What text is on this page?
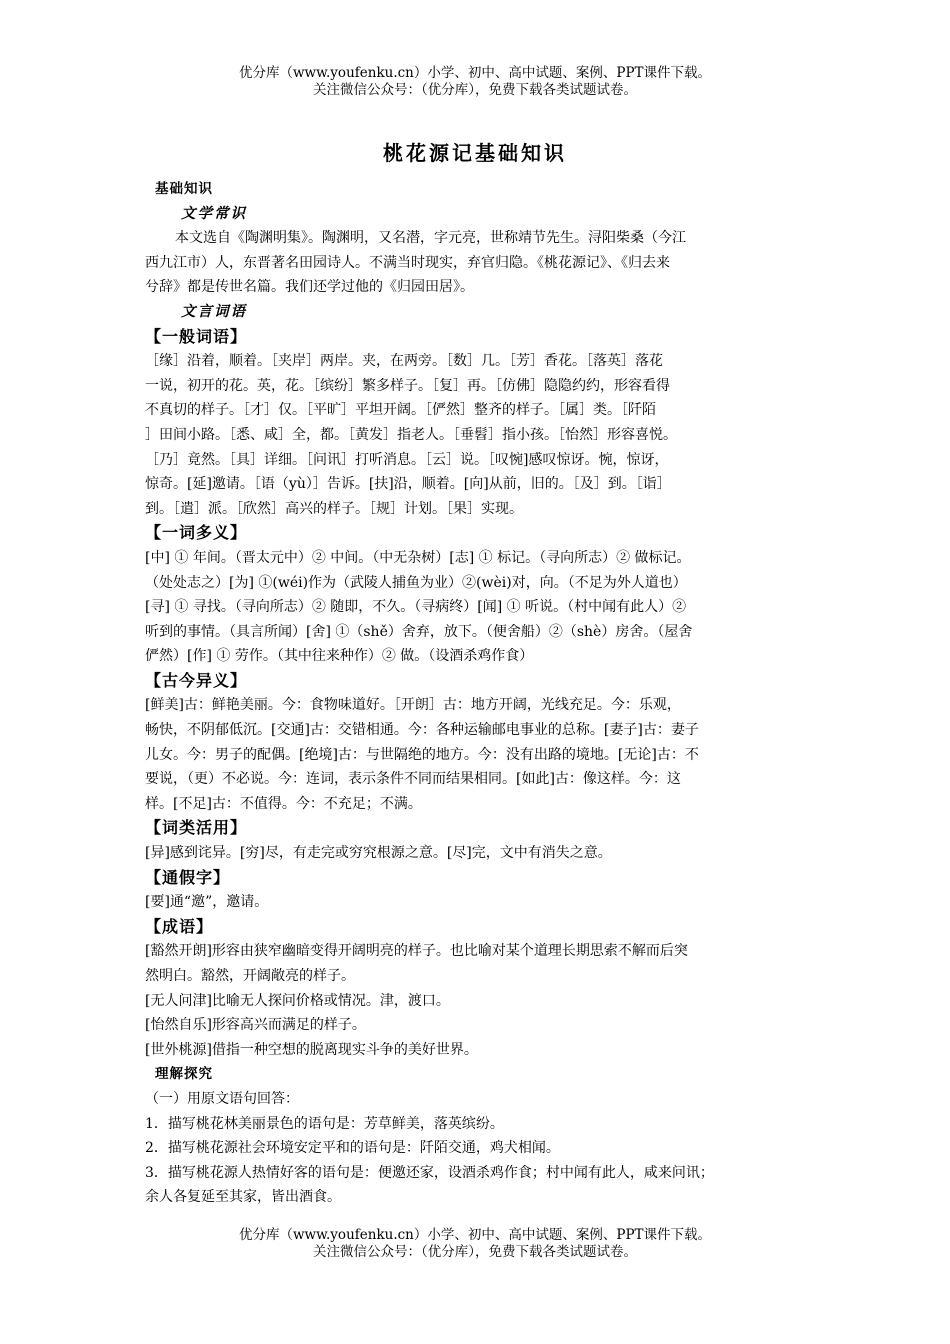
优分库（www.youfenku.cn）小学、初中、高中试题、案例、PPT课件下载。
关注微信公众号：（优分库），免费下载各类试题试卷。
桃花源记基础知识
基础知识
文学常识
本文选自《陶渊明集》。陶渊明，又名潜，字元亮，世称靖节先生。浔阳柴桑（今江
西九江市）人，东晋著名田园诗人。不满当时现实，弃官归隐。《桃花源记》、《归去来
兮辞》都是传世名篇。我们还学过他的《归园田居》。
文言词语
【一般词语】
［缘］沿着，顺着。［夹岸］两岸。夹，在两旁。［数］几。［芳］香花。［落英］落花
一说，初开的花。英，花。［缤纷］繁多样子。［复］再。［仿佛］隐隐约约，形容看得
不真切的样子。［才］仅。［平旷］平坦开阔。［俨然］整齐的样子。［属］类。［阡陌
］田间小路。［悉、咸］全，都。［黄发］指老人。［垂髫］指小孩。［怡然］形容喜悦。
［乃］竟然。［具］详细。［问讯］打听消息。［云］说。［叹惋]感叹惊讶。惋，惊讶，
惊奇。[延]邀请。［语（yù）］告诉。[扶]沿，顺着。[向]从前，旧的。［及］到。［诣］
到。［遣］派。［欣然］高兴的样子。［规］计划。［果］实现。
【一词多义】
[中] ① 年间。（晋太元中）② 中间。（中无杂树）[志] ① 标记。（寻向所志）② 做标记。
（处处志之）[为] ①(wéi)作为（武陵人捕鱼为业）②(wèi)对，向。（不足为外人道也）
[寻] ① 寻找。（寻向所志）② 随即，不久。（寻病终）[闻] ① 听说。（村中闻有此人）②
听到的事情。（具言所闻）[舍] ①（shě）舍弃，放下。（便舍船）②（shè）房舍。（屋舍
俨然）[作] ① 劳作。（其中往来种作）② 做。（设酒杀鸡作食）
【古今异义】
[鲜美]古：鲜艳美丽。今：食物味道好。［开朗］古：地方开阔，光线充足。今：乐观，
畅快，不阴郁低沉。[交通]古：交错相通。今：各种运输邮电事业的总称。[妻子]古：妻子
儿女。今：男子的配偶。[绝境]古：与世隔绝的地方。今：没有出路的境地。[无论]古：不
要说，（更）不必说。今：连词，表示条件不同而结果相同。[如此]古：像这样。今：这
样。[不足]古：不值得。今：不充足；不满。
【词类活用】
[异]感到诧异。[穷]尽，有走完或穷究根源之意。[尽]完，文中有消失之意。
【通假字】
[要]通“邀”，邀请。
【成语】
[豁然开朗]形容由狭窄幽暗变得开阔明亮的样子。也比喻对某个道理长期思索不解而后突
然明白。豁然，开阔敞亮的样子。
[无人问津]比喻无人探问价格或情况。津，渡口。
[怡然自乐]形容高兴而满足的样子。
[世外桃源]借指一种空想的脱离现实斗争的美好世界。
理解探究
（一）用原文语句回答：
1．描写桃花林美丽景色的语句是：芳草鲜美，落英缤纷。
2．描写桃花源社会环境安定平和的语句是：阡陌交通，鸡犬相闻。
3．描写桃花源人热情好客的语句是：便邀还家，设酒杀鸡作食；村中闻有此人，咸来问讯；
余人各复延至其家，皆出酒食。
优分库（www.youfenku.cn）小学、初中、高中试题、案例、PPT课件下载。
关注微信公众号：（优分库），免费下载各类试题试卷。
